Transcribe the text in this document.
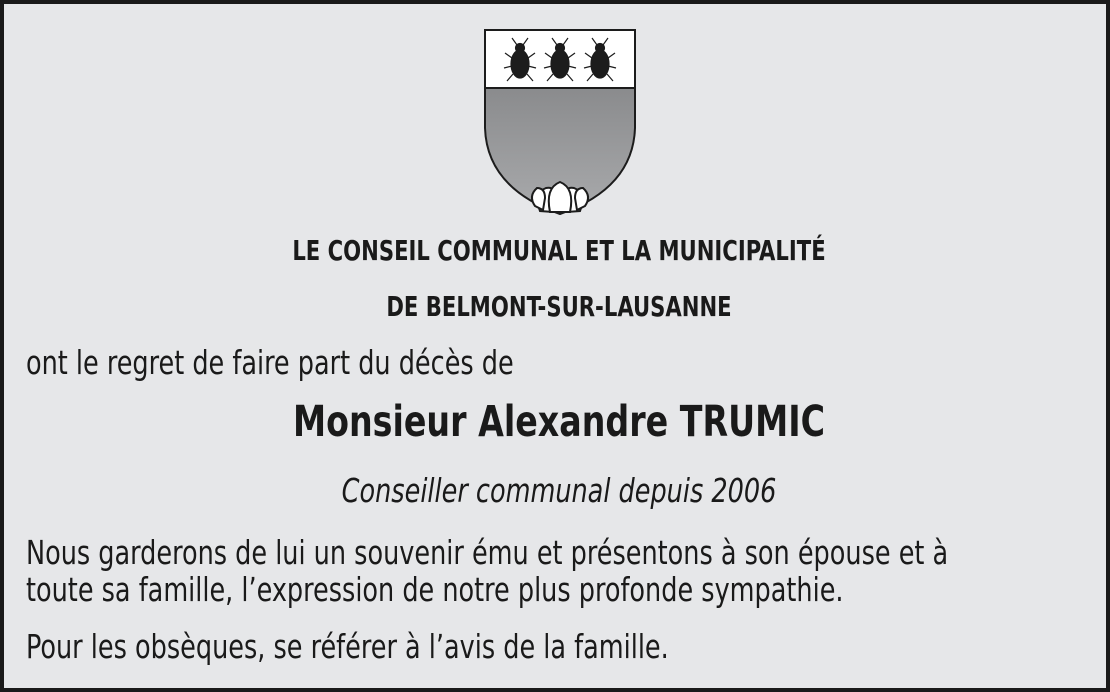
LE CONSEIL COMMUNAL ET LA MUNICIPALITÉ
DE BELMONT-SUR-LAUSANNE
ont le regret de faire part du décès de
Monsieur Alexandre TRUMIC
Conseiller communal depuis 2006
Nous garderons de lui un souvenir ému et présentons à son épouse et à
toute sa famille, l’expression de notre plus profonde sympathie.
Pour les obsèques, se référer à l’avis de la famille.
